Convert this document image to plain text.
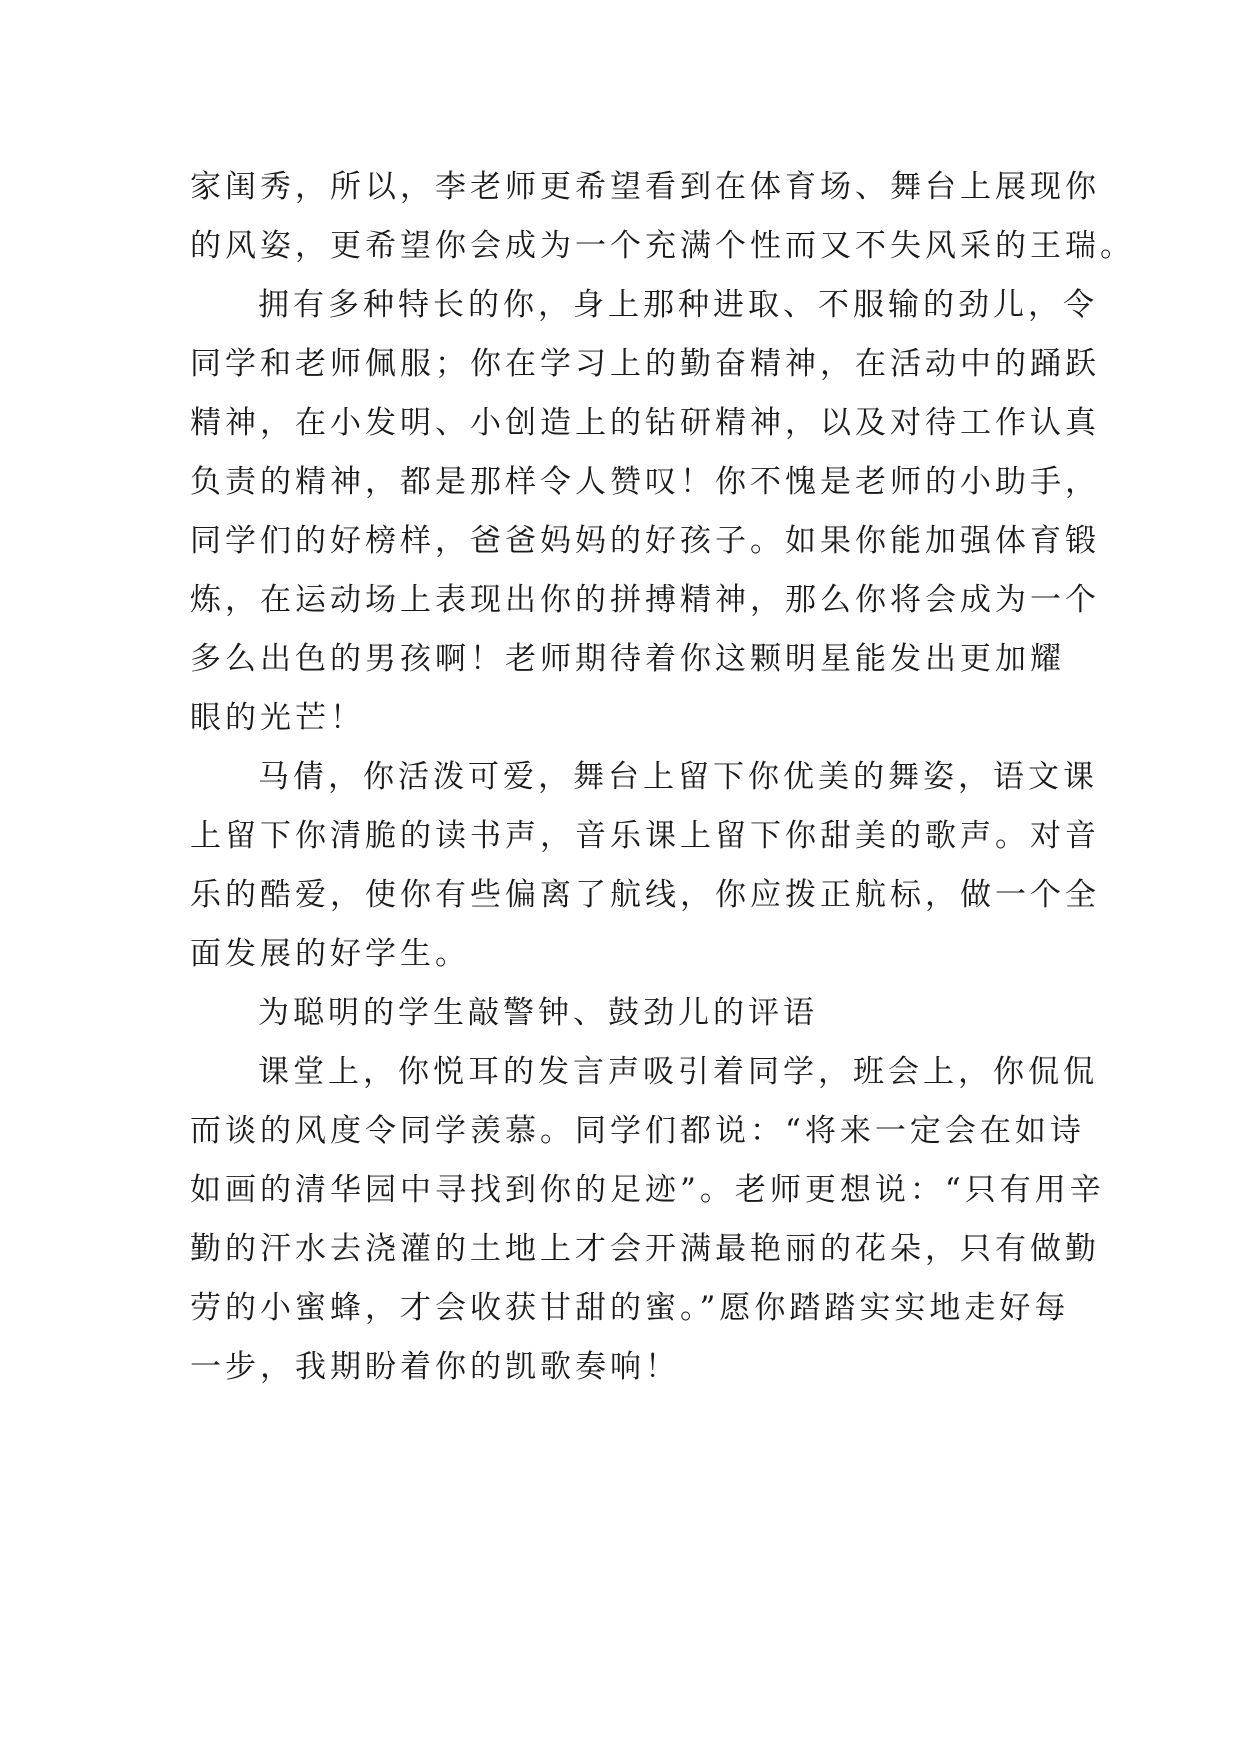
家闺秀，所以，李老师更希望看到在体育场、舞台上展现你
的风姿，更希望你会成为一个充满个性而又不失风采的王瑞。
拥有多种特长的你，身上那种进取、不服输的劲儿，令
同学和老师佩服；你在学习上的勤奋精神，在活动中的踊跃
精神，在小发明、小创造上的钻研精神，以及对待工作认真
负责的精神，都是那样令人赞叹！你不愧是老师的小助手，
同学们的好榜样，爸爸妈妈的好孩子。如果你能加强体育锻
炼，在运动场上表现出你的拼搏精神，那么你将会成为一个
多么出色的男孩啊！老师期待着你这颗明星能发出更加耀
眼的光芒！
马倩，你活泼可爱，舞台上留下你优美的舞姿，语文课
上留下你清脆的读书声，音乐课上留下你甜美的歌声。对音
乐的酷爱，使你有些偏离了航线，你应拨正航标，做一个全
面发展的好学生。
为聪明的学生敲警钟、鼓劲儿的评语
课堂上，你悦耳的发言声吸引着同学，班会上，你侃侃
而谈的风度令同学羡慕。同学们都说：“将来一定会在如诗
如画的清华园中寻找到你的足迹”。老师更想说：“只有用辛
勤的汗水去浇灌的土地上才会开满最艳丽的花朵，只有做勤
劳的小蜜蜂，才会收获甘甜的蜜。”愿你踏踏实实地走好每
一步，我期盼着你的凯歌奏响！
